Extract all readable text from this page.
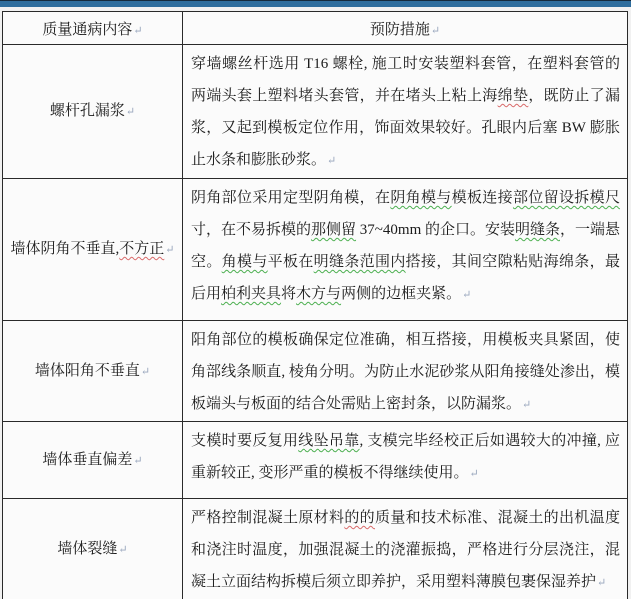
质量通病内容↵	预防措施↵
螺杆孔漏浆↵	穿墙螺丝杆选用 T16 螺栓, 施工时安装塑料套管，在塑料套管的两端头套上塑料堵头套管，并在堵头上粘上海绵垫，既防止了漏浆，又起到模板定位作用，饰面效果较好。孔眼内后塞 BW 膨胀止水条和膨胀砂浆。↵
墙体阴角不垂直,不方正↵	阴角部位采用定型阴角模，在阴角模与模板连接部位留设拆模尺寸，在不易拆模的那侧留 37~40mm 的企口。安装明缝条，一端悬空。角模与平板在明缝条范围内搭接，其间空隙粘贴海绵条，最后用柏利夹具将木方与两侧的边框夹紧。↵
墙体阳角不垂直↵	阳角部位的模板确保定位准确，相互搭接，用模板夹具紧固，使角部线条顺直, 棱角分明。为防止水泥砂浆从阳角接缝处渗出，模板端头与板面的结合处需贴上密封条，以防漏浆。↵
墙体垂直偏差↵	支模时要反复用线坠吊靠, 支模完毕经校正后如遇较大的冲撞, 应重新较正, 变形严重的模板不得继续使用。↵
墙体裂缝↵	严格控制混凝土原材料的的质量和技术标准、混凝土的出机温度和浇注时温度，加强混凝土的浇灌振捣，严格进行分层浇注，混凝土立面结构拆模后须立即养护，采用塑料薄膜包裹保湿养护↵
